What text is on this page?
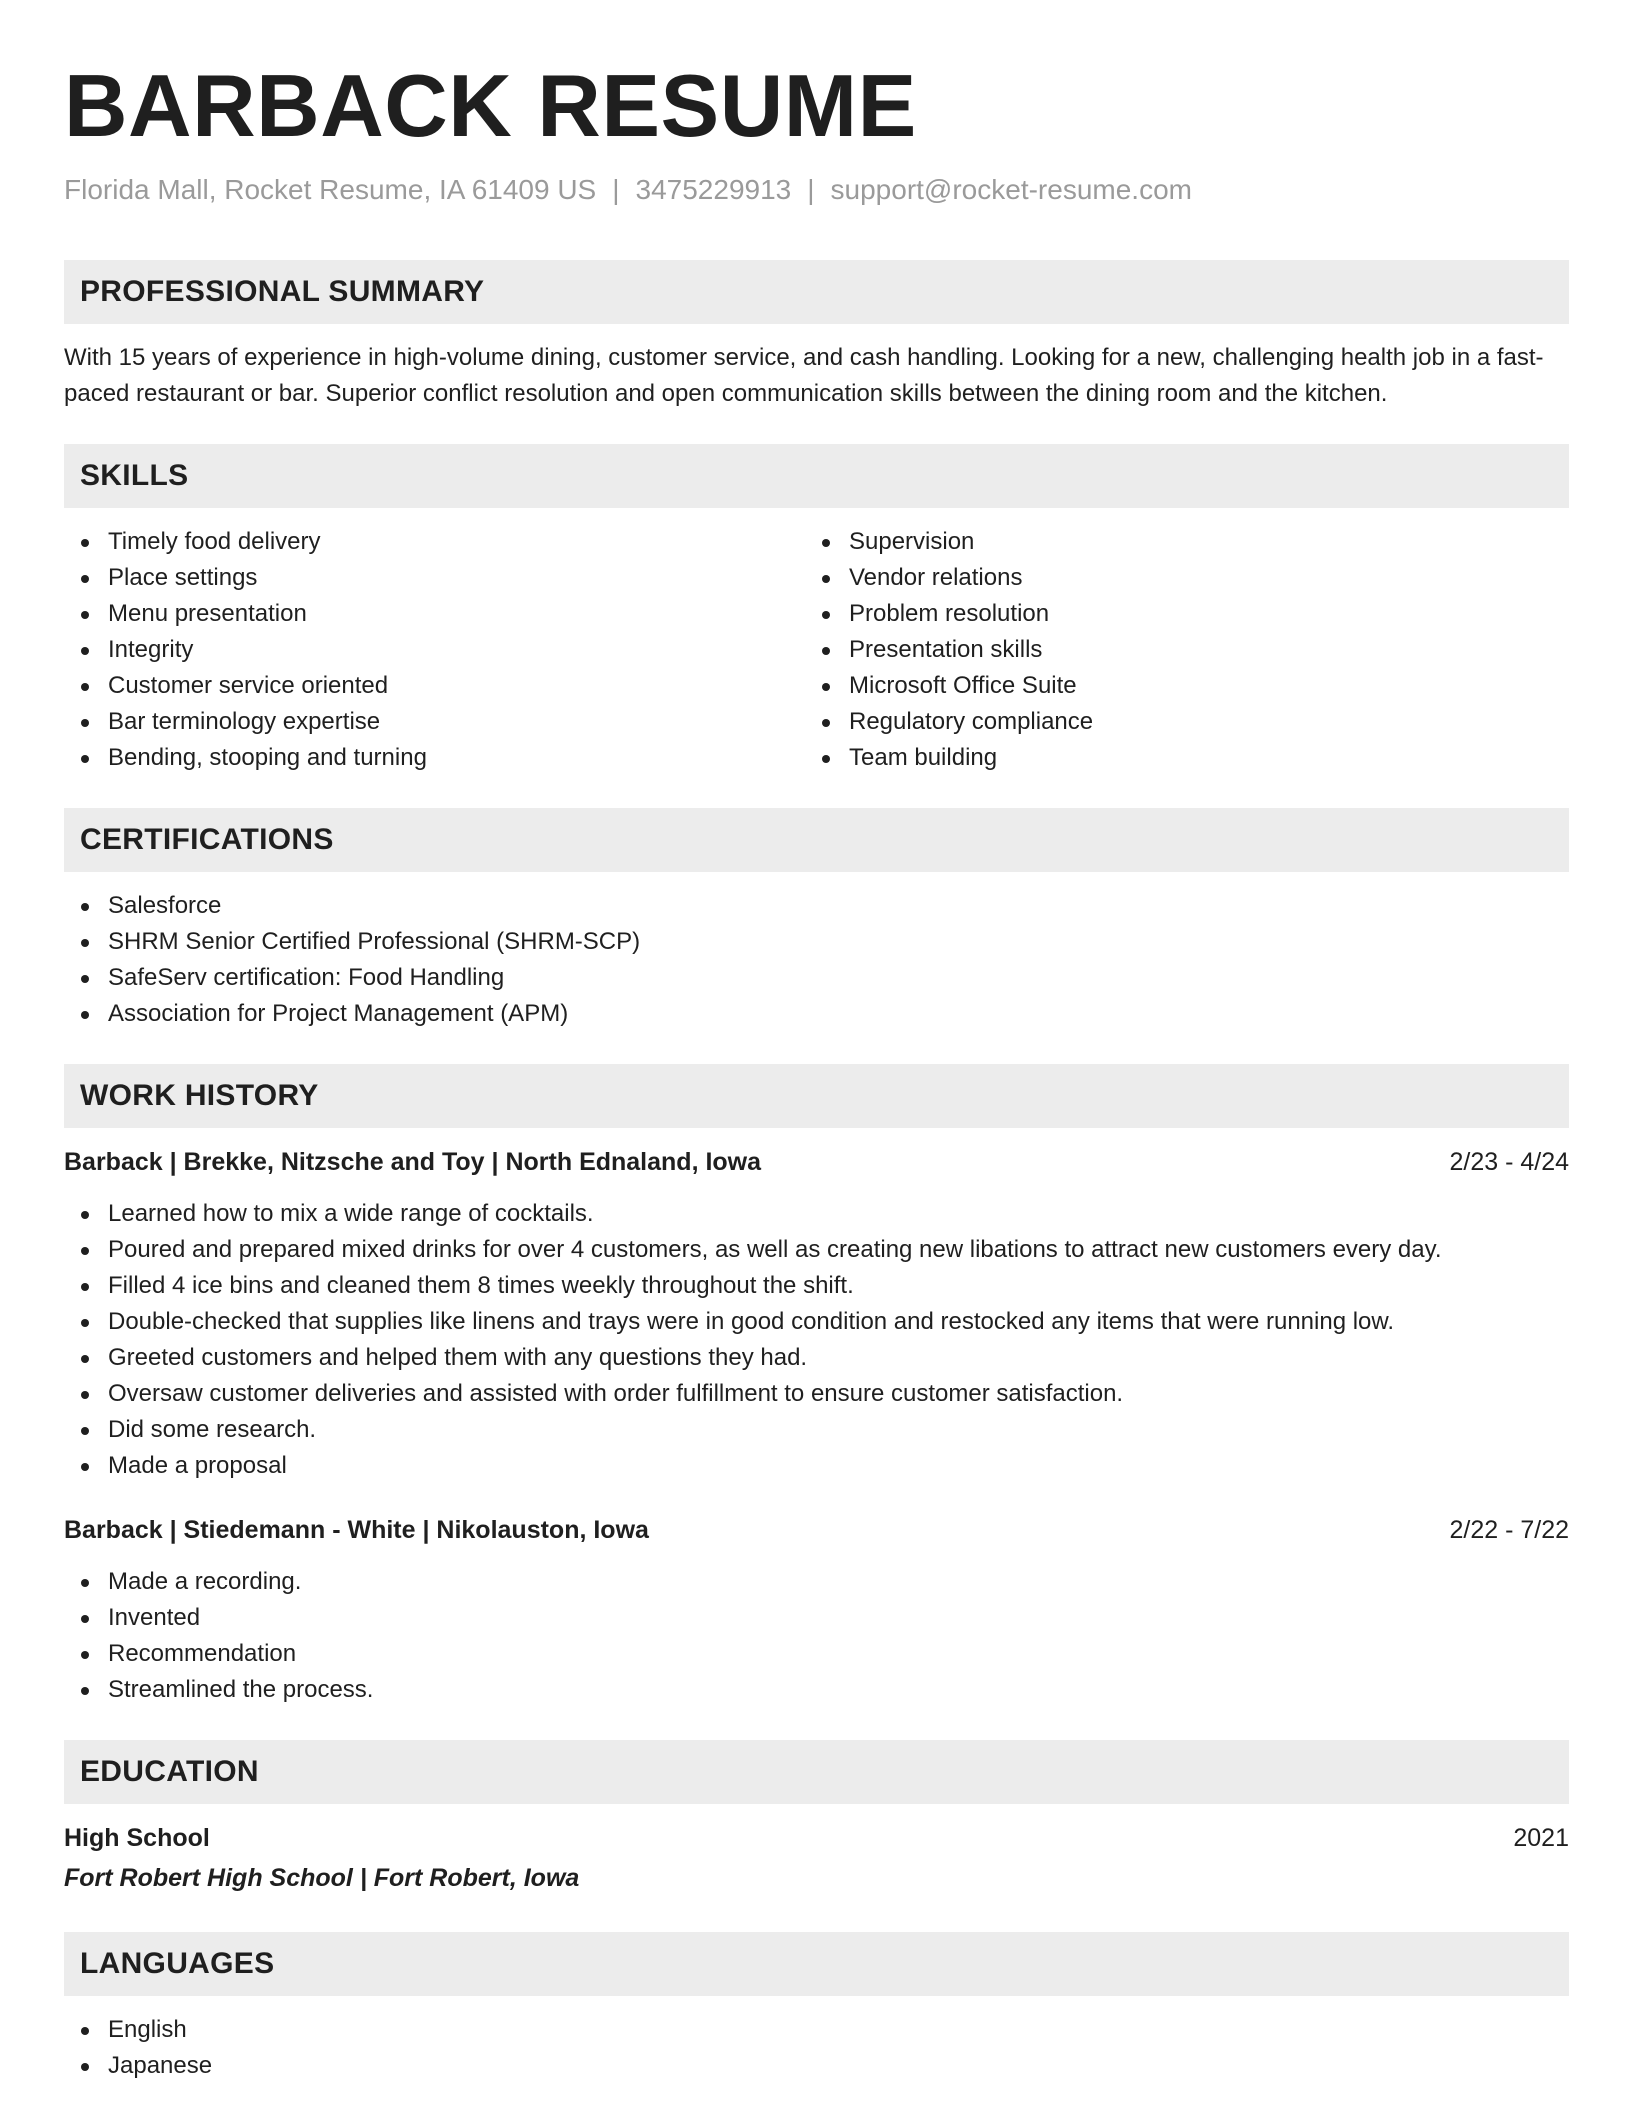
BARBACK RESUME
Florida Mall, Rocket Resume, IA 61409 US | 3475229913 | support@rocket-resume.com
PROFESSIONAL SUMMARY
With 15 years of experience in high-volume dining, customer service, and cash handling. Looking for a new, challenging health job in a fast-paced restaurant or bar. Superior conflict resolution and open communication skills between the dining room and the kitchen.
SKILLS
Timely food delivery
Place settings
Menu presentation
Integrity
Customer service oriented
Bar terminology expertise
Bending, stooping and turning
Supervision
Vendor relations
Problem resolution
Presentation skills
Microsoft Office Suite
Regulatory compliance
Team building
CERTIFICATIONS
Salesforce
SHRM Senior Certified Professional (SHRM-SCP)
SafeServ certification: Food Handling
Association for Project Management (APM)
WORK HISTORY
Barback | Brekke, Nitzsche and Toy | North Ednaland, Iowa	2/23 - 4/24
Learned how to mix a wide range of cocktails.
Poured and prepared mixed drinks for over 4 customers, as well as creating new libations to attract new customers every day.
Filled 4 ice bins and cleaned them 8 times weekly throughout the shift.
Double-checked that supplies like linens and trays were in good condition and restocked any items that were running low.
Greeted customers and helped them with any questions they had.
Oversaw customer deliveries and assisted with order fulfillment to ensure customer satisfaction.
Did some research.
Made a proposal
Barback | Stiedemann - White | Nikolauston, Iowa	2/22 - 7/22
Made a recording.
Invented
Recommendation
Streamlined the process.
EDUCATION
High School	2021
Fort Robert High School | Fort Robert, Iowa
LANGUAGES
English
Japanese
